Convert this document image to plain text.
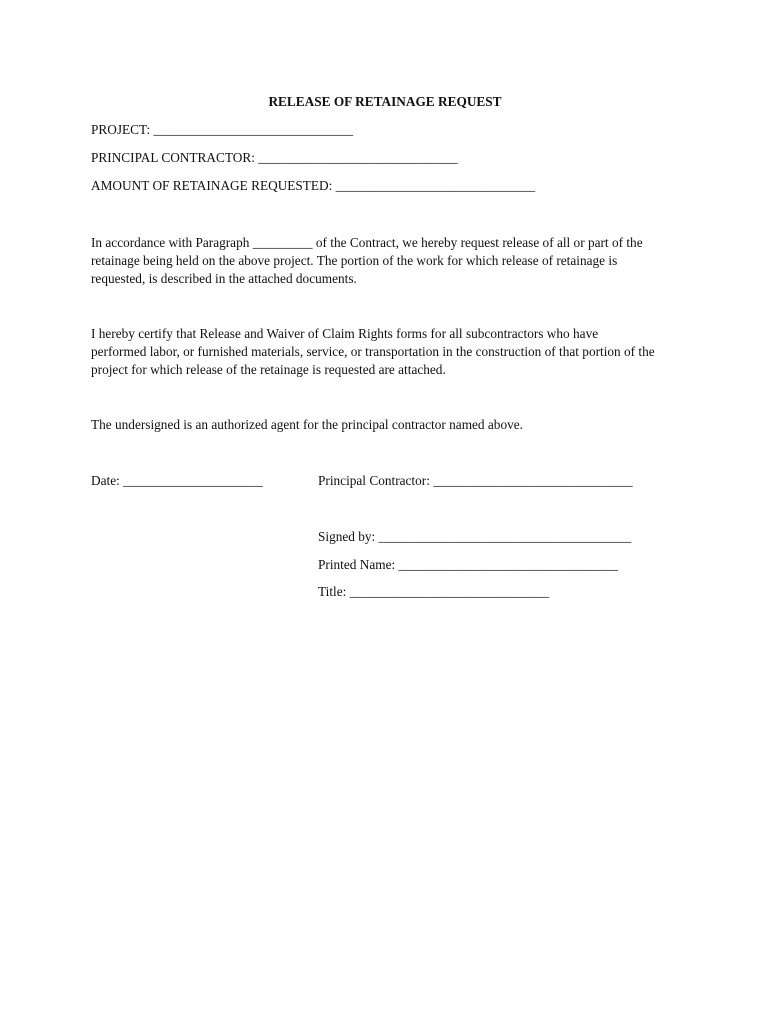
RELEASE OF RETAINAGE REQUEST
PROJECT: ______________________________
PRINCIPAL CONTRACTOR: ______________________________
AMOUNT OF RETAINAGE REQUESTED: ______________________________

In accordance with Paragraph _________ of the Contract, we hereby request release of all or part of the

retainage being held on the above project. The portion of the work for which release of retainage is

requested, is described in the attached documents.

I hereby certify that Release and Waiver of Claim Rights forms for all subcontractors who have

performed labor, or furnished materials, service, or transportation in the construction of that portion of the

project for which release of the retainage is requested are attached.

The undersigned is an authorized agent for the principal contractor named above.
Date: _____________________	Principal Contractor: ______________________________
Signed by: ______________________________________
Printed Name: _________________________________
Title: ______________________________
